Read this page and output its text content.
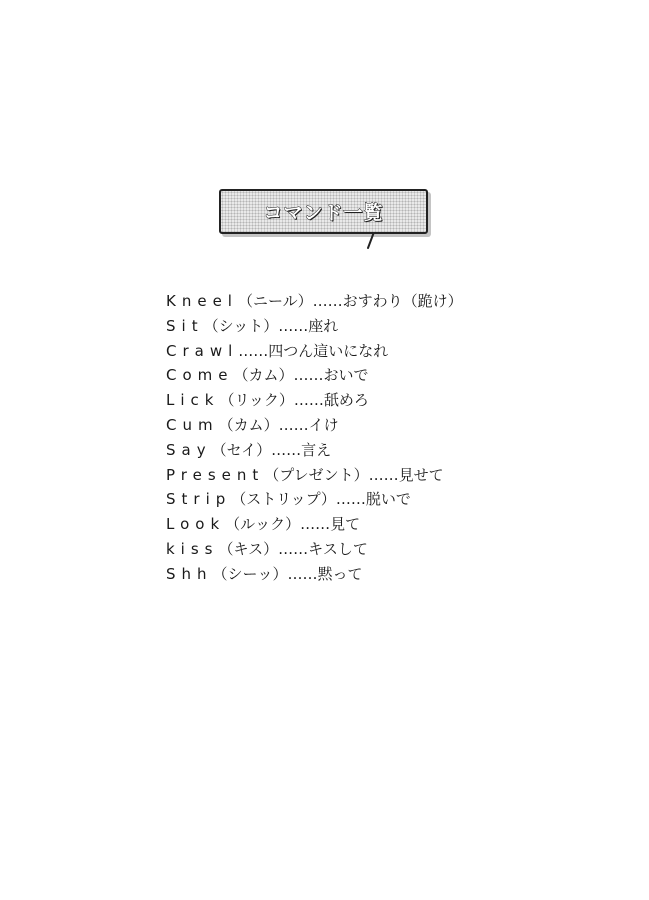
コマンド一覧
Kneel（ニール）……おすわり（跪け）
Sit（シット）……座れ
Crawl……四つん這いになれ
Come（カム）……おいで
Lick（リック）……舐めろ
Cum（カム）……イけ
Say（セイ）……言え
Present（プレゼント）……見せて
Strip（ストリップ）……脱いで
Look（ルック）……見て
kiss（キス）……キスして
Shh（シーッ）……黙って
